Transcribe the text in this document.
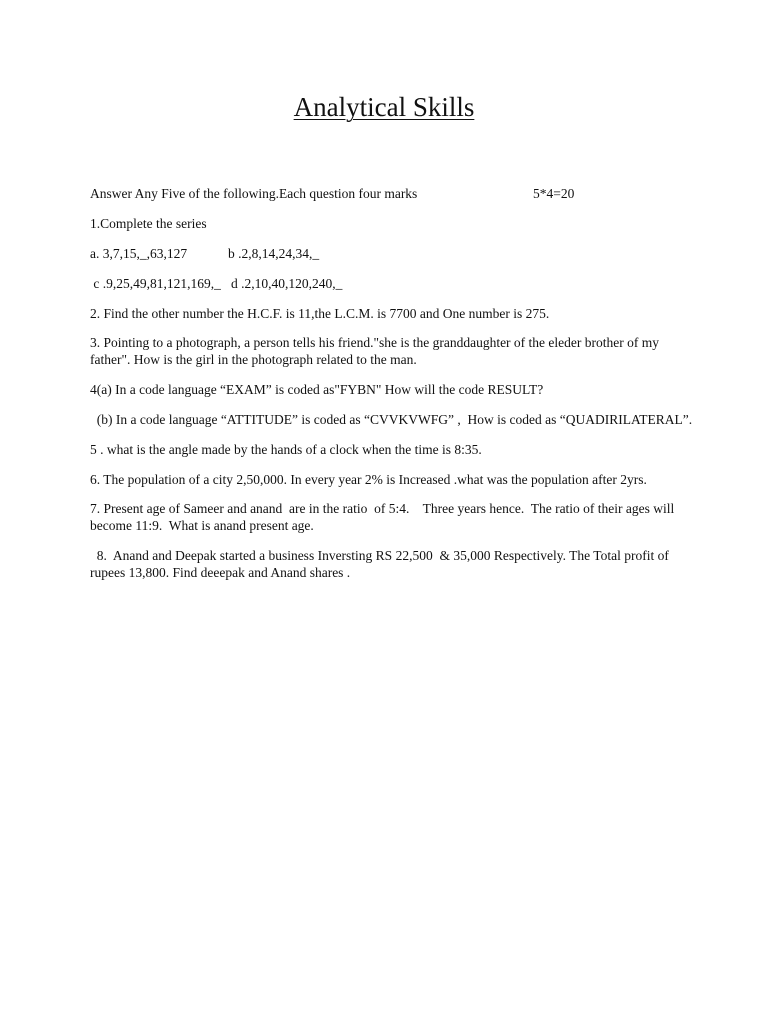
Analytical Skills
Answer Any Five of the following.Each question four marks	5*4=20
1.Complete the series
a. 3,7,15,_,63,127	b .2,8,14,24,34,_
c .9,25,49,81,121,169,_ d .2,10,40,120,240,_
2. Find the other number the H.C.F. is 11,the L.C.M. is 7700 and One number is 275.
3. Pointing to a photograph, a person tells his friend."she is the granddaughter of the eleder brother of my father". How is the girl in the photograph related to the man.
4(a) In a code language “EXAM” is coded as"FYBN" How will the code RESULT?
(b) In a code language “ATTITUDE” is coded as “CVVKVWFG” ,  How is coded as “QUADIRILATERAL”.
5 . what is the angle made by the hands of a clock when the time is 8:35.
6. The population of a city 2,50,000. In every year 2% is Increased .what was the population after 2yrs.
7. Present age of Sameer and anand  are in the ratio  of 5:4.    Three years hence.  The ratio of their ages will become 11:9.  What is anand present age.
8.  Anand and Deepak started a business Inversting RS 22,500  & 35,000 Respectively. The Total profit of rupees 13,800. Find deeepak and Anand shares .
